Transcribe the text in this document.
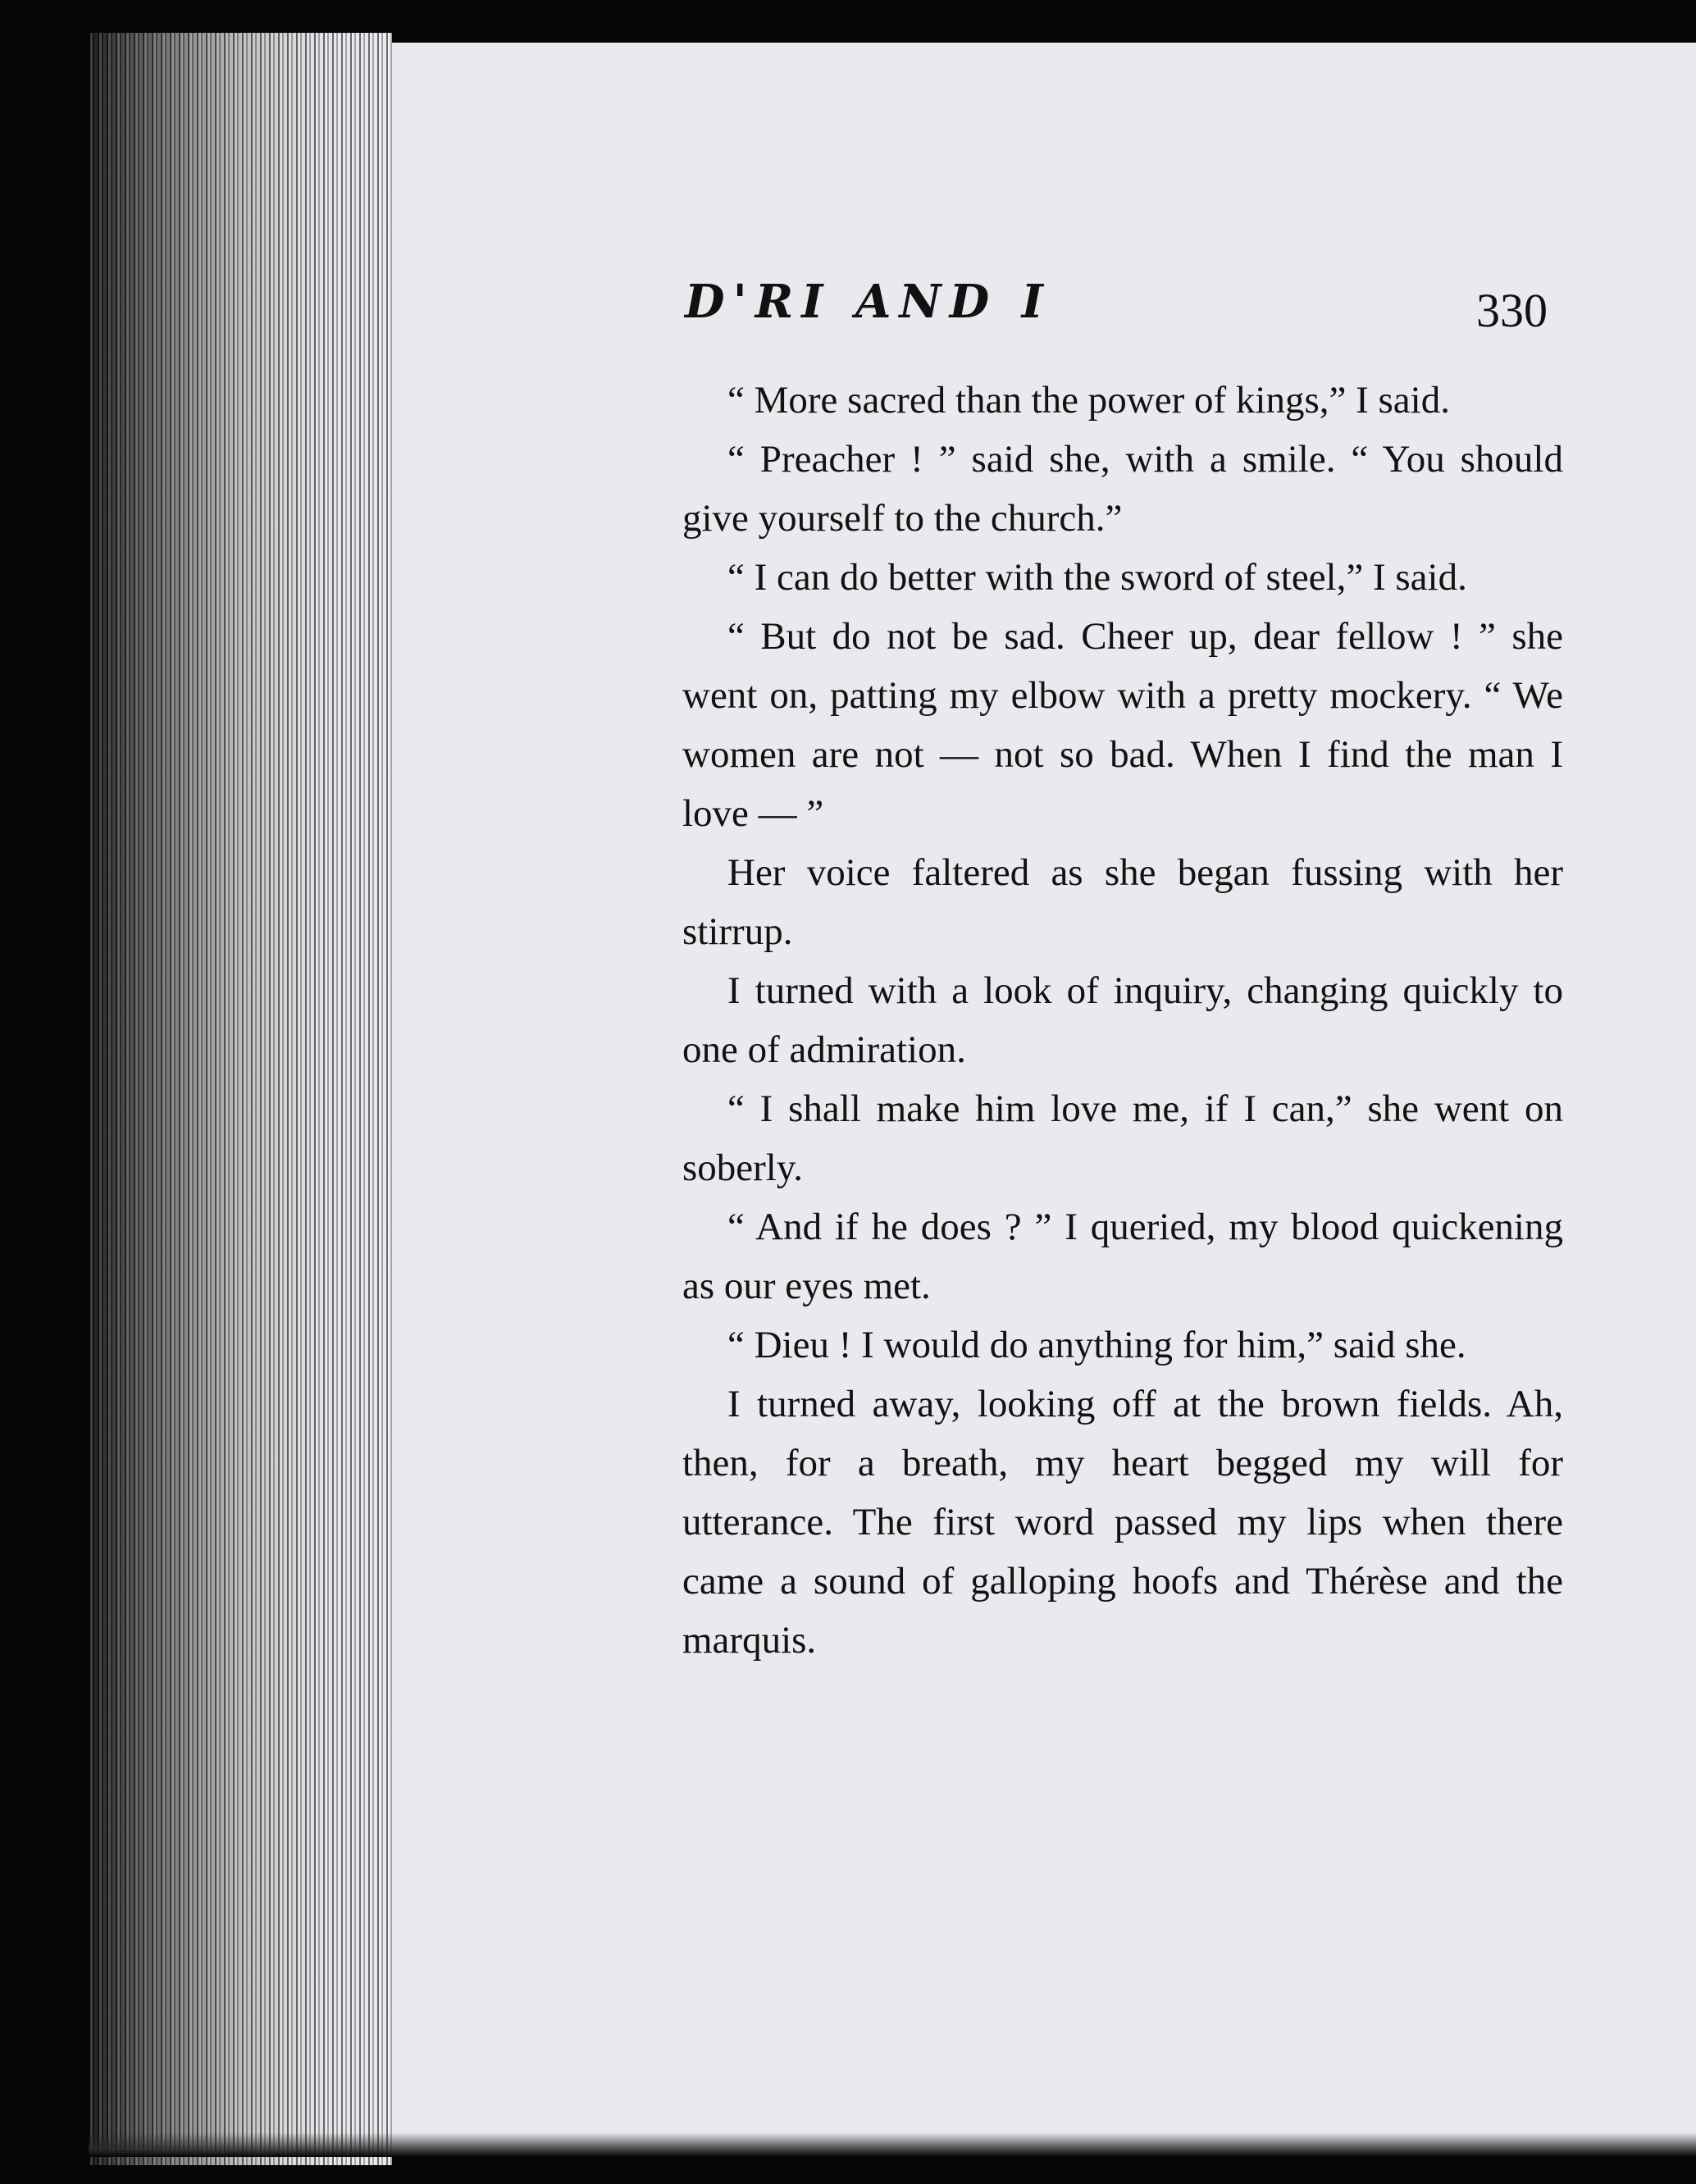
D'RI AND I	330

“ More sacred than the power of kings,” I said.

“ Preacher ! ” said she, with a smile. “ You should give yourself to the church.”

“ I can do better with the sword of steel,” I said.

“ But do not be sad. Cheer up, dear fellow ! ” she went on, patting my elbow with a pretty mockery. “ We women are not — not so bad. When I find the man I love — ”

Her voice faltered as she began fussing with her stirrup.

I turned with a look of inquiry, changing quickly to one of admiration.

“ I shall make him love me, if I can,” she went on soberly.

“ And if he does ? ” I queried, my blood quickening as our eyes met.

“ Dieu ! I would do anything for him,” said she.

I turned away, looking off at the brown fields. Ah, then, for a breath, my heart begged my will for utterance. The first word passed my lips when there came a sound of galloping hoofs and Thérèse and the marquis.
